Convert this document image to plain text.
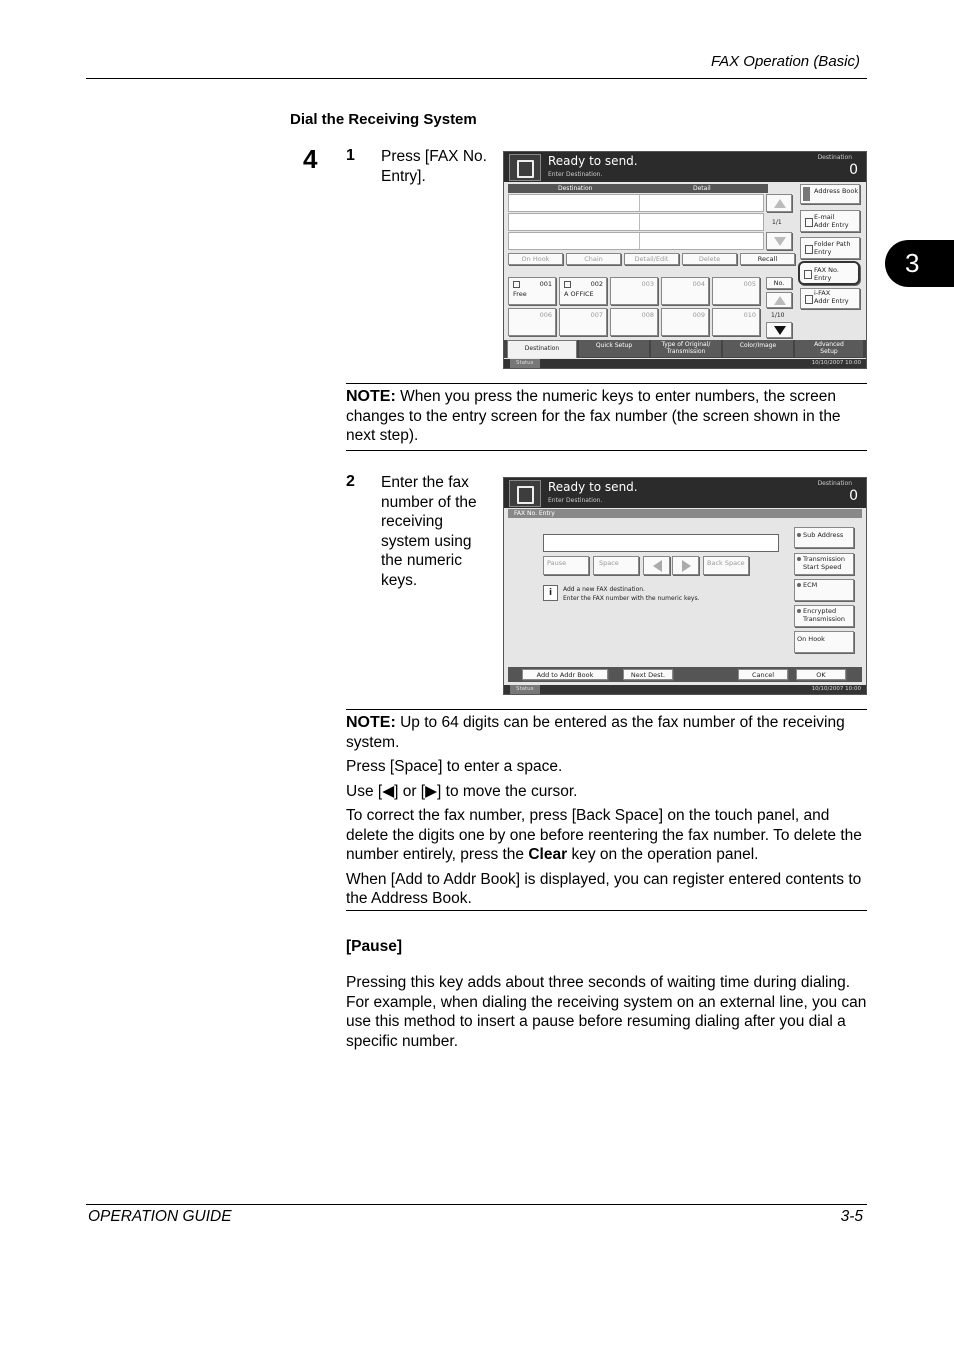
FAX Operation (Basic)
3
Dial the Receiving System
4 1 Press [FAX No. Entry].
Ready to send.
Enter Destination.
Destination
0
Destination	Detail
1/1
On Hook	Chain	Detail/Edit	Delete	Recall
Address Book
E-mail
Addr Entry
Folder Path
Entry
FAX No.
Entry
i-FAX
Addr Entry
001
Free
002
A OFFICE
003	004	005
006	007	008	009	010
No.
1/10
Destination	Quick Setup	Type of Original/
Transmission
Color/Image	Advanced
Setup
Status	10/10/2007 10:00
NOTE: When you press the numeric keys to enter numbers, the screen changes to the entry screen for the fax number (the screen shown in the next step).
2 Enter the fax number of the receiving system using the numeric keys.
Ready to send.
Enter Destination.
Destination
0
FAX No. Entry
Pause	Space	Back Space
i	Add a new FAX destination.
Enter the FAX number with the numeric keys.
Sub Address
Transmission
Start Speed
ECM
Encrypted
Transmission
On Hook
Add to Addr Book	Next Dest.	Cancel	OK
Status	10/10/2007 10:00
NOTE: Up to 64 digits can be entered as the fax number of the receiving system.
Press [Space] to enter a space.
Use [◀] or [▶] to move the cursor.
To correct the fax number, press [Back Space] on the touch panel, and delete the digits one by one before reentering the fax number. To delete the number entirely, press the Clear key on the operation panel.
When [Add to Addr Book] is displayed, you can register entered contents to the Address Book.
[Pause]
Pressing this key adds about three seconds of waiting time during dialing. For example, when dialing the receiving system on an external line, you can use this method to insert a pause before resuming dialing after you dial a specific number.
OPERATION GUIDE	3-5
